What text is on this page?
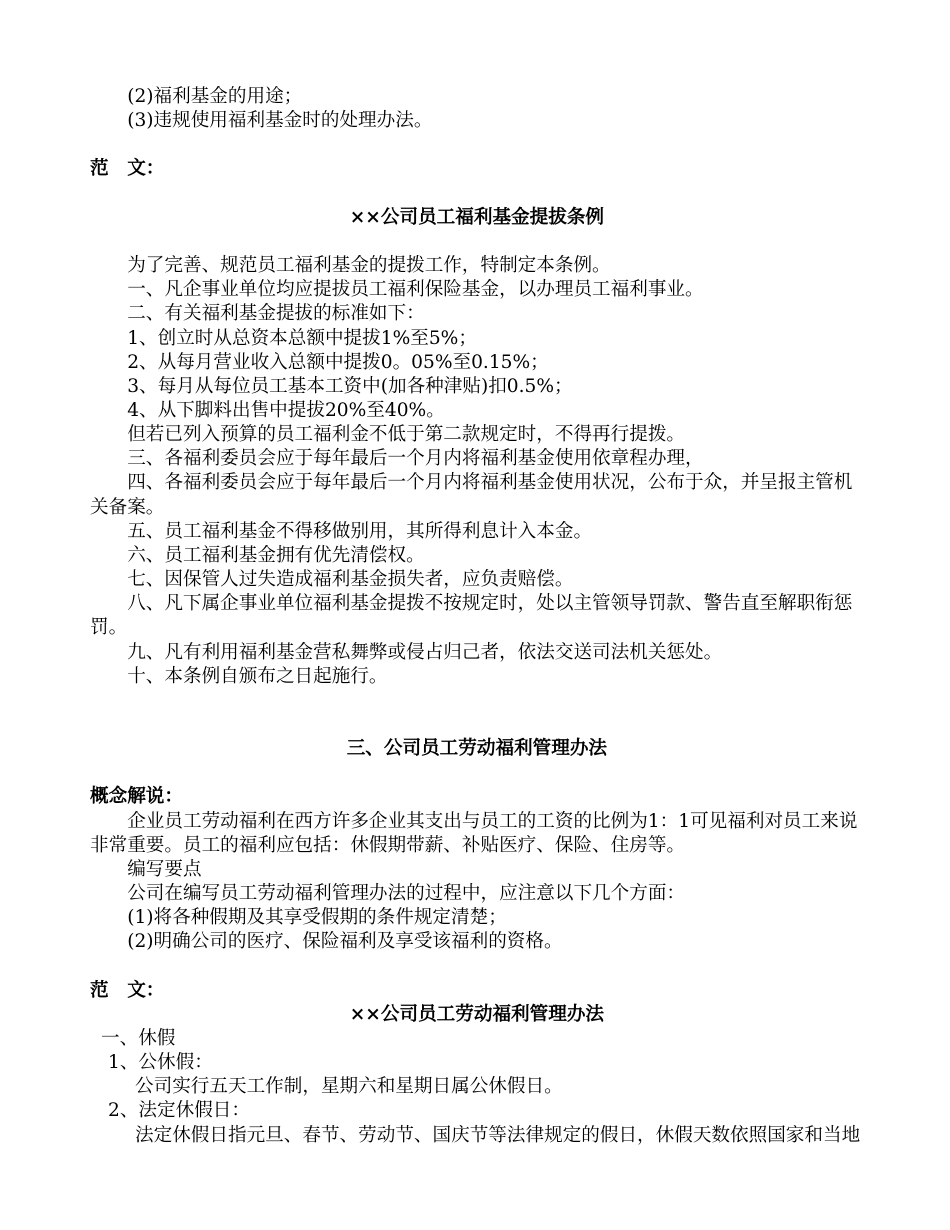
(2)福利基金的用途；

(3)违规使用福利基金时的处理办法。

范　文：

××公司员工福利基金提拔条例

为了完善、规范员工福利基金的提拨工作，特制定本条例。

一、凡企事业单位均应提拔员工福利保险基金，以办理员工福利事业。

二、有关福利基金提拔的标准如下：

1、创立时从总资本总额中提拔1%至5%；

2、从每月营业收入总额中提拨0。05%至0.15%；

3、每月从每位员工基本工资中(加各种津贴)扣0.5%；

4、从下脚料出售中提拔20%至40%。

但若已列入预算的员工福利金不低于第二款规定时，不得再行提拨。

三、各福利委员会应于每年最后一个月内将福利基金使用依章程办理，

四、各福利委员会应于每年最后一个月内将福利基金使用状况，公布于众，并呈报主管机关备案。

五、员工福利基金不得移做别用，其所得利息计入本金。

六、员工福利基金拥有优先清偿权。

七、因保管人过失造成福利基金损失者，应负责赔偿。

八、凡下属企事业单位福利基金提拨不按规定时，处以主管领导罚款、警告直至解职衔惩罚。

九、凡有利用福利基金营私舞弊或侵占归己者，依法交送司法机关惩处。

十、本条例自颁布之日起施行。

三、公司员工劳动福利管理办法

概念解说：

企业员工劳动福利在西方许多企业其支出与员工的工资的比例为1：1可见福利对员工来说非常重要。员工的福利应包括：休假期带薪、补贴医疗、保险、住房等。

编写要点

公司在编写员工劳动福利管理办法的过程中，应注意以下几个方面：

(1)将各种假期及其享受假期的条件规定清楚；

(2)明确公司的医疗、保险福利及享受该福利的资格。

范　文：

××公司员工劳动福利管理办法

一、休假

1、公休假：

公司实行五天工作制，星期六和星期日属公休假日。

2、法定休假日：

法定休假日指元旦、春节、劳动节、国庆节等法律规定的假日，休假天数依照国家和当地
